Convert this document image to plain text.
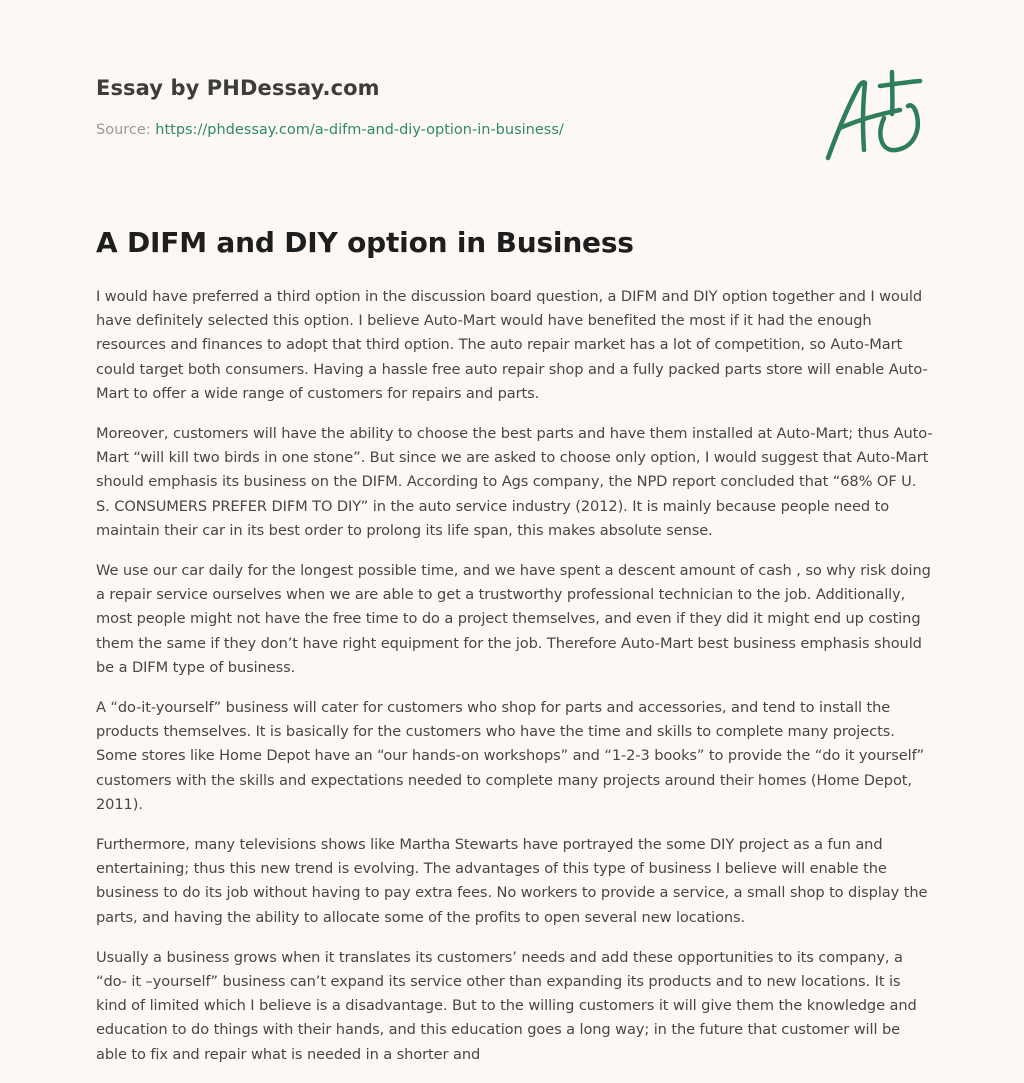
Essay by PHDessay.com
Source: https://phdessay.com/a-difm-and-diy-option-in-business/
A DIFM and DIY option in Business

I would have preferred a third option in the discussion board question, a DIFM and DIY option together and I would have definitely selected this option. I believe Auto-Mart would have benefited the most if it had the enough resources and finances to adopt that third option. The auto repair market has a lot of competition, so Auto-Mart could target both consumers. Having a hassle free auto repair shop and a fully packed parts store will enable Auto-Mart to offer a wide range of customers for repairs and parts.

Moreover, customers will have the ability to choose the best parts and have them installed at Auto-Mart; thus Auto-Mart “will kill two birds in one stone”. But since we are asked to choose only option, I would suggest that Auto-Mart should emphasis its business on the DIFM. According to Ags company, the NPD report concluded that “68% OF U. S. CONSUMERS PREFER DIFM TO DIY” in the auto service industry (2012). It is mainly because people need to maintain their car in its best order to prolong its life span, this makes absolute sense.

We use our car daily for the longest possible time, and we have spent a descent amount of cash , so why risk doing a repair service ourselves when we are able to get a trustworthy professional technician to the job. Additionally, most people might not have the free time to do a project themselves, and even if they did it might end up costing them the same if they don’t have right equipment for the job. Therefore Auto-Mart best business emphasis should be a DIFM type of business.

A “do-it-yourself” business will cater for customers who shop for parts and accessories, and tend to install the products themselves. It is basically for the customers who have the time and skills to complete many projects. Some stores like Home Depot have an “our hands-on workshops” and “1-2-3 books” to provide the “do it yourself” customers with the skills and expectations needed to complete many projects around their homes (Home Depot, 2011).

Furthermore, many televisions shows like Martha Stewarts have portrayed the some DIY project as a fun and entertaining; thus this new trend is evolving. The advantages of this type of business I believe will enable the business to do its job without having to pay extra fees. No workers to provide a service, a small shop to display the parts, and having the ability to allocate some of the profits to open several new locations.

Usually a business grows when it translates its customers’ needs and add these opportunities to its company, a “do- it –yourself” business can’t expand its service other than expanding its products and to new locations. It is kind of limited which I believe is a disadvantage. But to the willing customers it will give them the knowledge and education to do things with their hands, and this education goes a long way; in the future that customer will be able to fix and repair what is needed in a shorter and
